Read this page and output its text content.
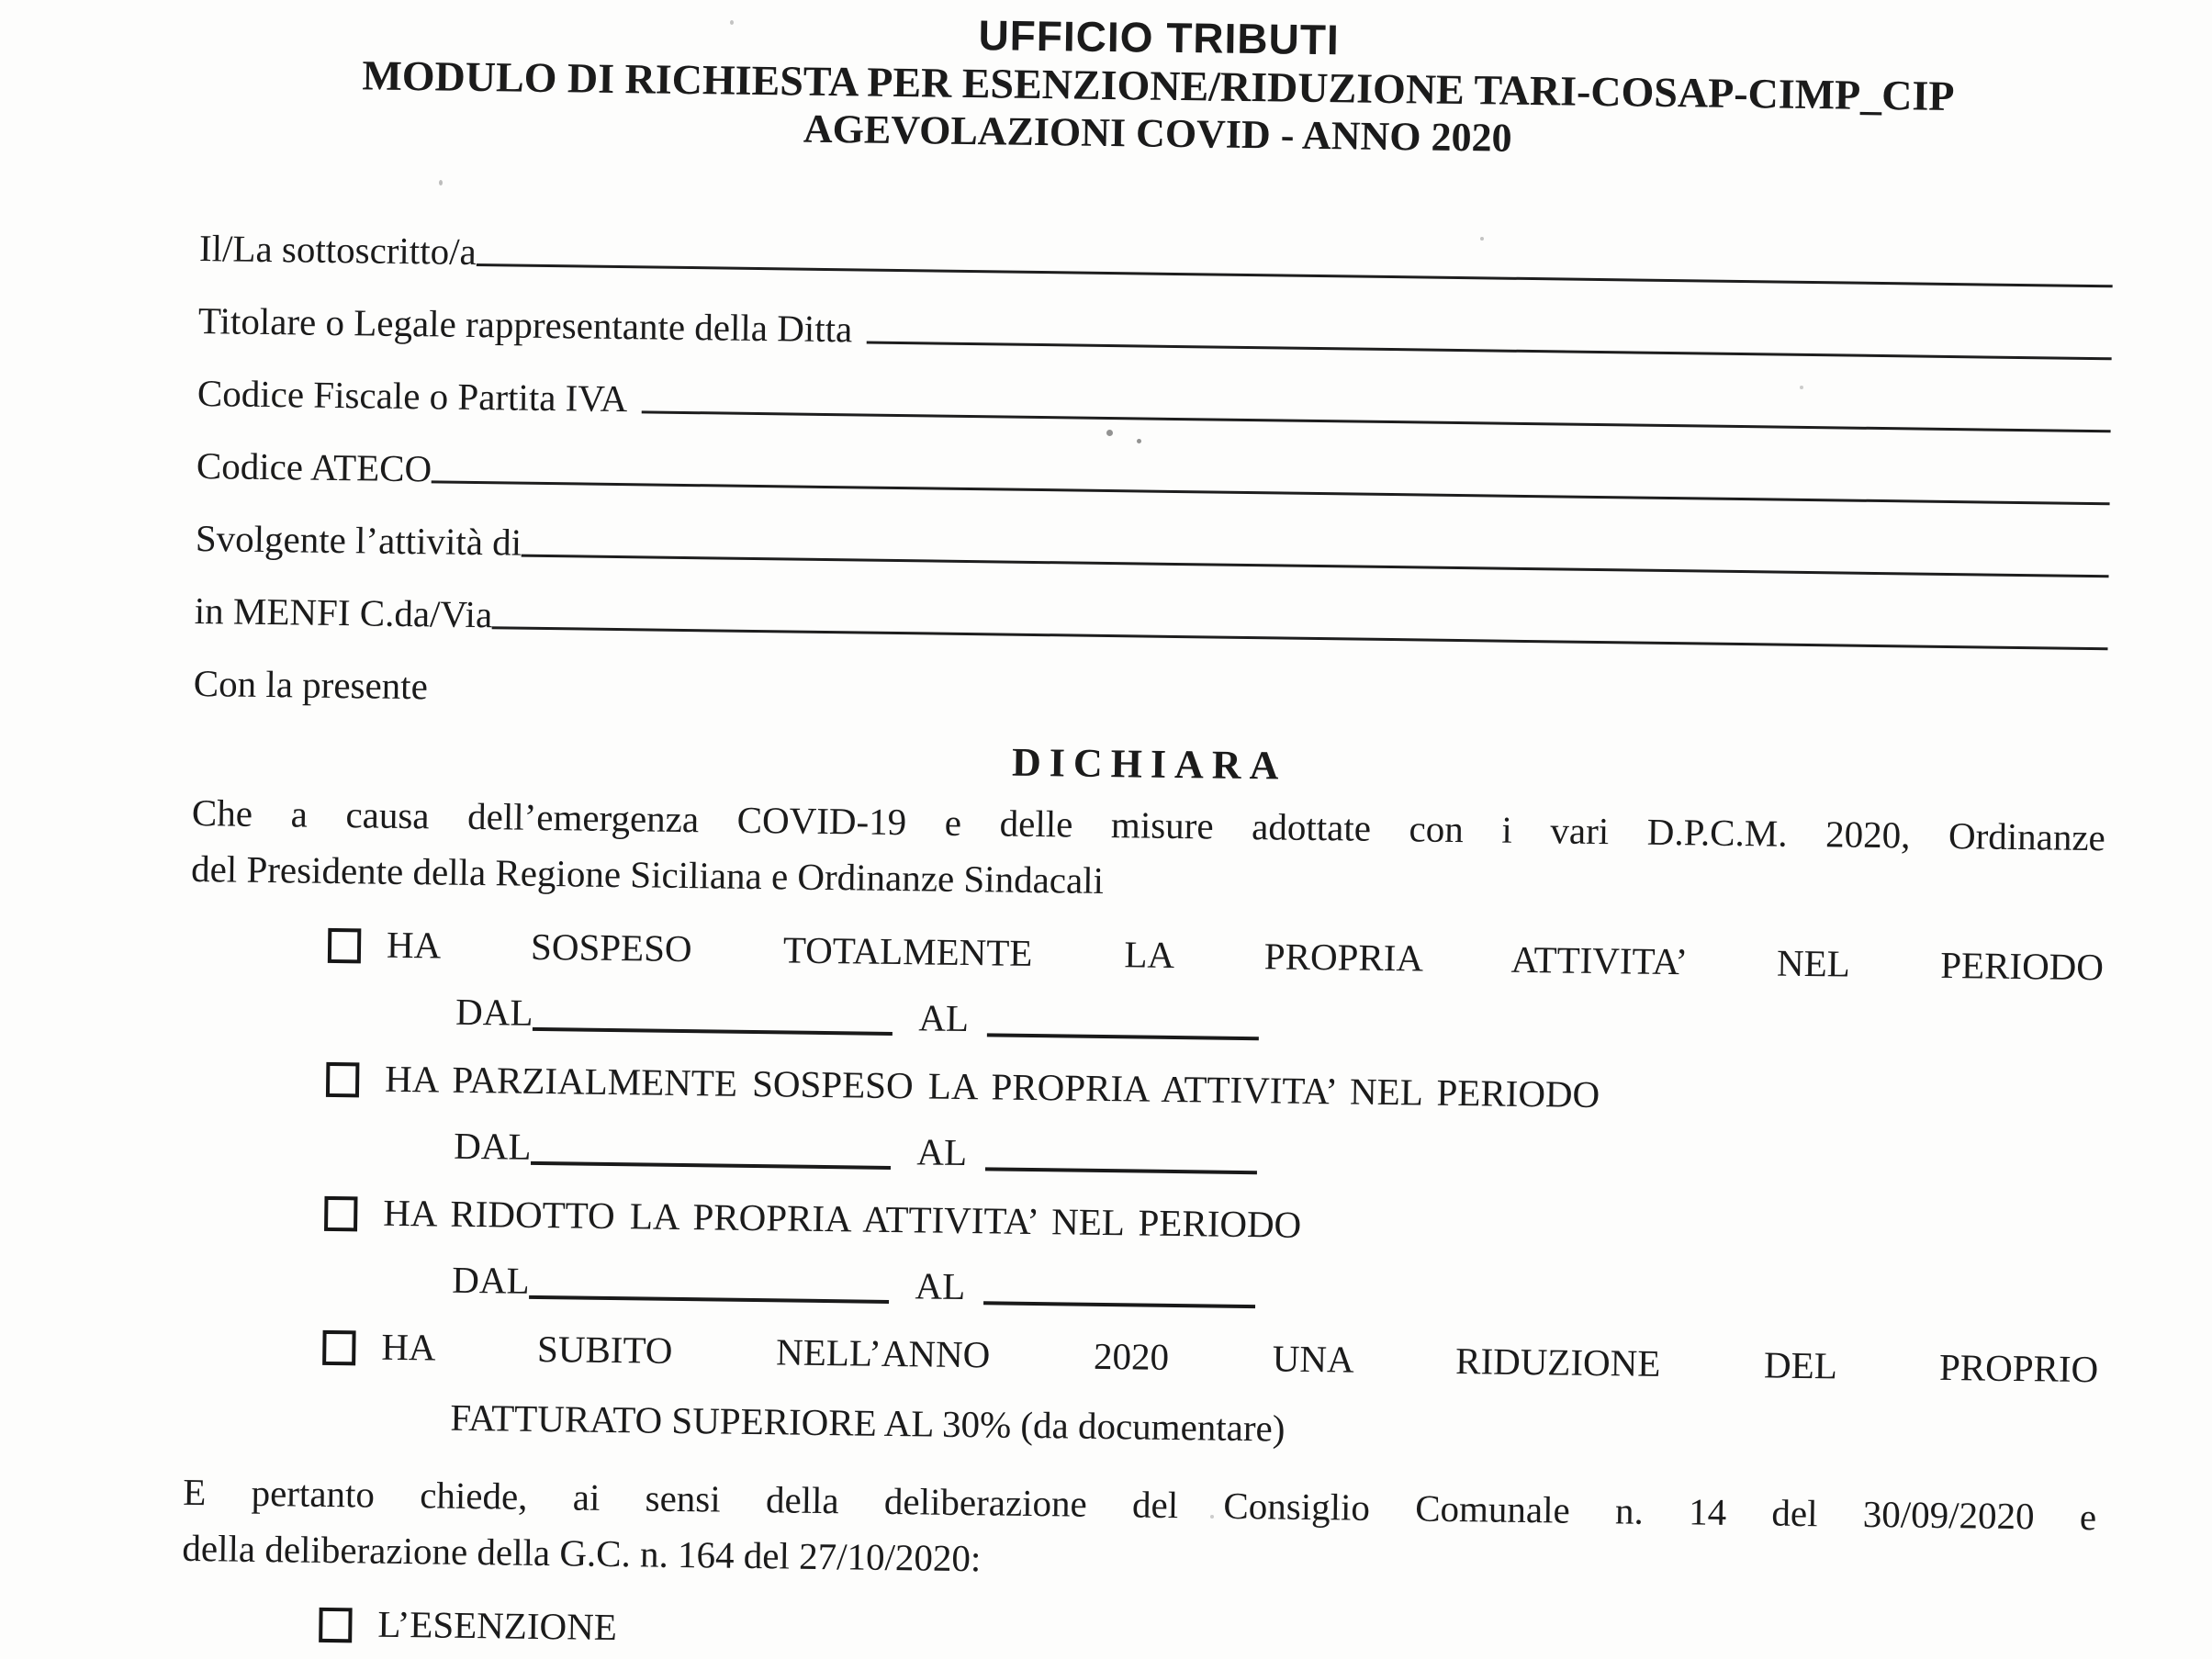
UFFICIO TRIBUTI
MODULO DI RICHIESTA PER ESENZIONE/RIDUZIONE TARI-COSAP-CIMP_CIP
AGEVOLAZIONI COVID - ANNO 2020
Il/La sottoscritto/a
Titolare o Legale rappresentante della Ditta
Codice Fiscale o Partita IVA
Codice ATECO
Svolgente l’attività di
in MENFI C.da/Via
Con la presente
DICHIARA
Che a causa dell’emergenza COVID-19 e delle misure adottate con i vari D.P.C.M. 2020, Ordinanze
del Presidente della Regione Siciliana e Ordinanze Sindacali
HA SOSPESO TOTALMENTE LA PROPRIA ATTIVITA’ NEL PERIODO
DAL	AL
HA PARZIALMENTE SOSPESO LA PROPRIA ATTIVITA’ NEL PERIODO
DAL	AL
HA RIDOTTO LA PROPRIA ATTIVITA’ NEL PERIODO
DAL	AL
HA SUBITO NELL’ANNO 2020 UNA RIDUZIONE DEL PROPRIO
FATTURATO SUPERIORE AL 30% (da documentare)
E pertanto chiede, ai sensi della deliberazione del Consiglio Comunale n. 14 del 30/09/2020 e
della deliberazione della G.C. n. 164 del 27/10/2020:
L’ESENZIONE
